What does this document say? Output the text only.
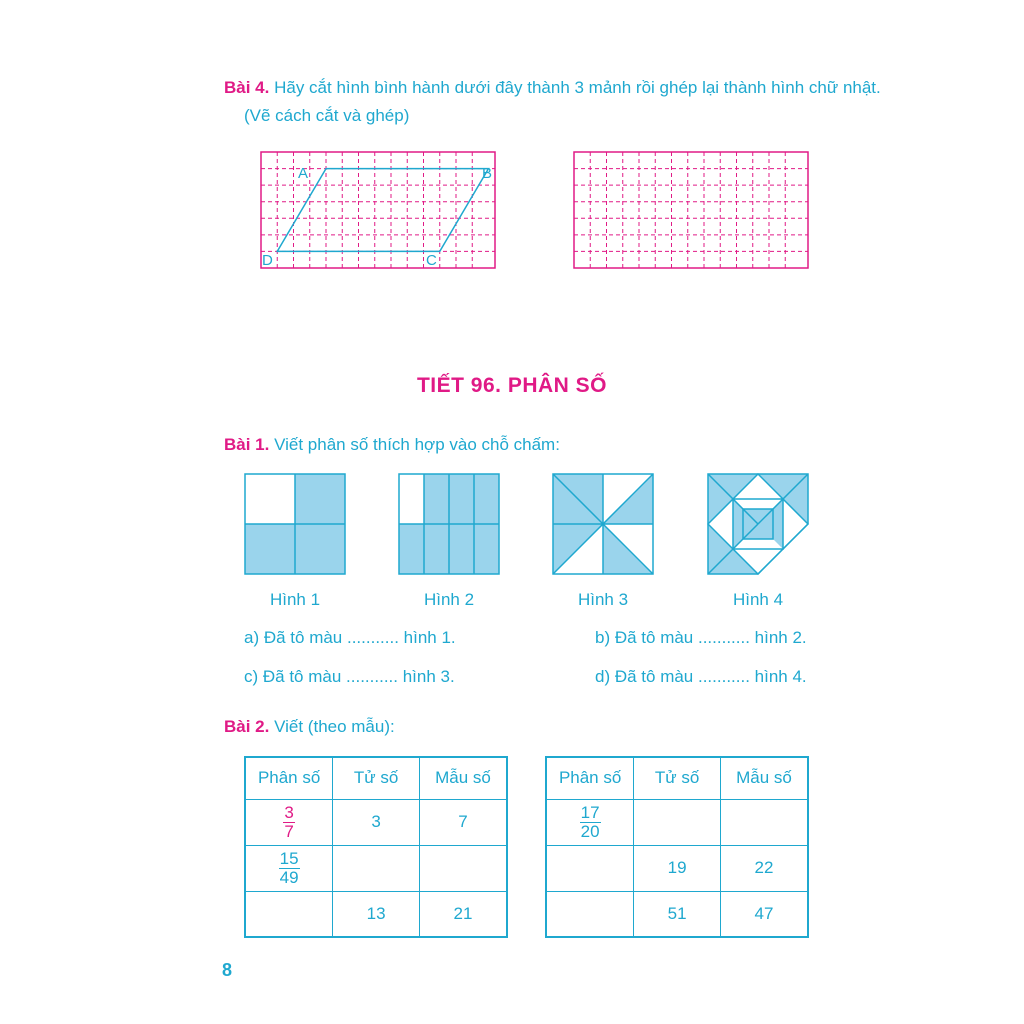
Bài 4. Hãy cắt hình bình hành dưới đây thành 3 mảnh rồi ghép lại thành hình chữ nhật.
(Vẽ cách cắt và ghép)
A	B
C
D
TIẾT 96. PHÂN SỐ
Bài 1. Viết phân số thích hợp vào chỗ chấm:
Hình 1	Hình 2	Hình 3	Hình 4
a) Đã tô màu ........... hình 1.	b) Đã tô màu ........... hình 2.
c) Đã tô màu ........... hình 3.	d) Đã tô màu ........... hình 4.
Bài 2. Viết (theo mẫu):
Phân số	Tử số	Mẫu số

$\frac{3}{7}$	3	7

$\frac{15}{49}$

	13	21
Phân số	Tử số	Mẫu số

$\frac{17}{20}$

	19	22
	51	47
8
